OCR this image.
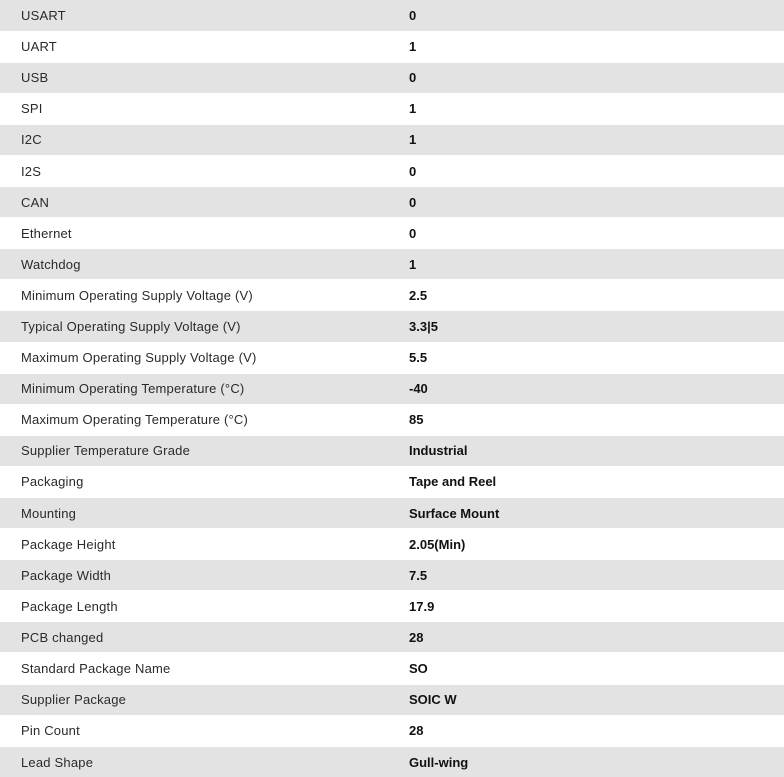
USART	0
UART	1
USB	0
SPI	1
I2C	1
I2S	0
CAN	0
Ethernet	0
Watchdog	1
Minimum Operating Supply Voltage (V)	2.5
Typical Operating Supply Voltage (V)	3.3|5
Maximum Operating Supply Voltage (V)	5.5
Minimum Operating Temperature (°C)	-40
Maximum Operating Temperature (°C)	85
Supplier Temperature Grade	Industrial
Packaging	Tape and Reel
Mounting	Surface Mount
Package Height	2.05(Min)
Package Width	7.5
Package Length	17.9
PCB changed	28
Standard Package Name	SO
Supplier Package	SOIC W
Pin Count	28
Lead Shape	Gull-wing
